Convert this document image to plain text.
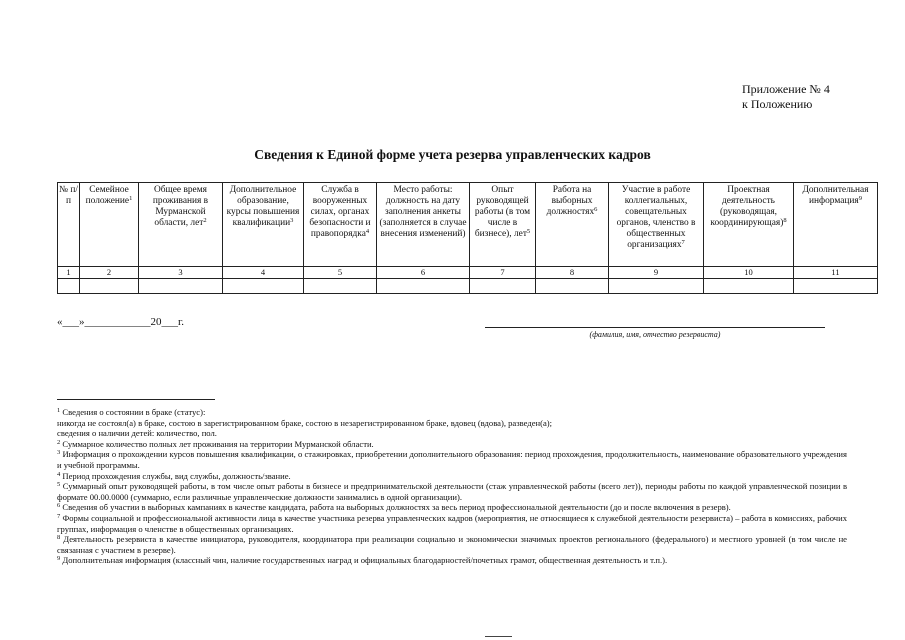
Приложение № 4
к Положению
Сведения к Единой форме учета резерва управленческих кадров
№ п/п	Семейное положение$^1$	Общее время проживания в Мурманской области, лет$^2$	Дополнительное образование, курсы повышения квалификации$^3$	Служба в вооруженных силах, органах безопасности и правопорядка$^4$	Место работы: должность на дату заполнения анкеты (заполняется в случае внесения изменений)	Опыт руководящей работы (в том числе в бизнесе), лет$^5$	Работа на выборных должностях$^6$	Участие в работе коллегиальных, совещательных органов, членство в общественных организациях$^7$	Проектная деятельность (руководящая, координирующая)$^8$	Дополнительная информация$^9$
1	2	3	4	5	6	7	8	9	10	11

«___»____________20___г.
(фамилия, имя, отчество резервиста)

$^1$ Сведения о состоянии в браке (статус):

никогда не состоял(а) в браке, состою в зарегистрированном браке, состою в незарегистрированном браке, вдовец (вдова), разведен(а);

сведения о наличии детей: количество, пол.

$^2$ Суммарное количество полных лет проживания на территории Мурманской области.

$^3$ Информация о прохождении курсов повышения квалификации, о стажировках, приобретении дополнительного образования: период прохождения, продолжительность, наименование образовательного учреждения и учебной программы.

$^4$ Период прохождения службы, вид службы, должность/звание.

$^5$ Суммарный опыт руководящей работы, в том числе опыт работы в бизнесе и предпринимательской деятельности (стаж управленческой работы (всего лет)), периоды работы по каждой управленческой позиции в формате 00.00.0000 (суммарно, если различные управленческие должности занимались в одной организации).

$^6$ Сведения об участии в выборных кампаниях в качестве кандидата, работа на выборных должностях за весь период профессиональной деятельности (до и после включения в резерв).

$^7$ Формы социальной и профессиональной активности лица в качестве участника резерва управленческих кадров (мероприятия, не относящиеся к служебной деятельности резервиста) – работа в комиссиях, рабочих группах, информация о членстве в общественных организациях.

$^8$ Деятельность резервиста в качестве инициатора, руководителя, координатора при реализации социально и экономически значимых проектов регионального (федерального) и местного уровней (в том числе не связанная с участием в резерве).

$^9$ Дополнительная информация (классный чин, наличие государственных наград и официальных благодарностей/почетных грамот, общественная деятельность и т.п.).
